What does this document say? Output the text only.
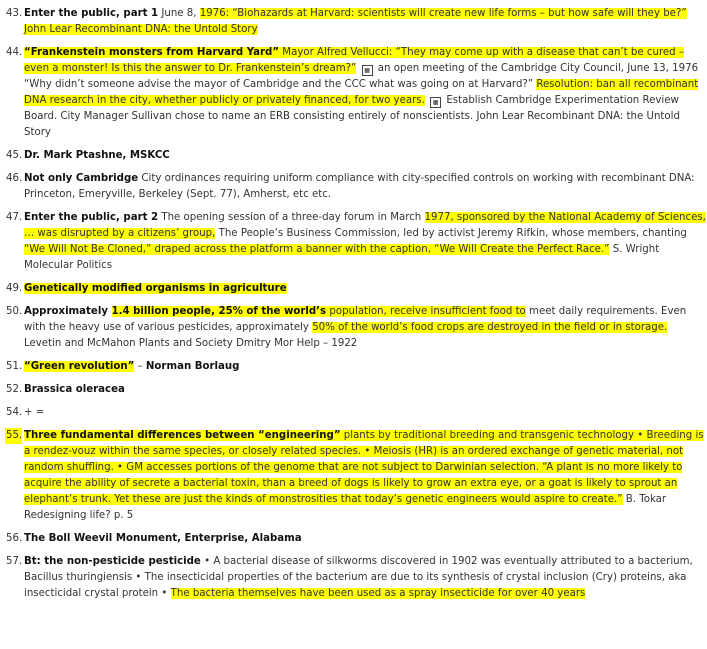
43. Enter the public, part 1 June 8, 1976: “Biohazards at Harvard: scientists will create new life forms – but how safe will they be?” John Lear Recombinant DNA: the Untold Story
44. “Frankenstein monsters from Harvard Yard” Mayor Alfred Vellucci: “They may come up with a disease that can’t be cured – even a monster! Is this the answer to Dr. Frankenstein’s dream?” ▦ an open meeting of the Cambridge City Council, June 13, 1976 “Why didn’t someone advise the mayor of Cambridge and the CCC what was going on at Harvard?” Resolution: ban all recombinant DNA research in the city, whether publicly or privately financed, for two years. ▦ Establish Cambridge Experimentation Review Board. City Manager Sullivan chose to name an ERB consisting entirely of nonscientists. John Lear Recombinant DNA: the Untold Story
45. Dr. Mark Ptashne, MSKCC
46. Not only Cambridge City ordinances requiring uniform compliance with city-specified controls on working with recombinant DNA: Princeton, Emeryville, Berkeley (Sept. 77), Amherst, etc etc.
47. Enter the public, part 2 The opening session of a three-day forum in March 1977, sponsored by the National Academy of Sciences, … was disrupted by a citizens’ group, The People’s Business Commission, led by activist Jeremy Rifkin, whose members, chanting “We Will Not Be Cloned,” draped across the platform a banner with the caption, “We Will Create the Perfect Race.” S. Wright Molecular Politics
49. Genetically modified organisms in agriculture
50. Approximately 1.4 billion people, 25% of the world’s population, receive insufficient food to meet daily requirements. Even with the heavy use of various pesticides, approximately 50% of the world’s food crops are destroyed in the field or in storage. Levetin and McMahon Plants and Society Dmitry Mor Help – 1922
51. “Green revolution” – Norman Borlaug
52. Brassica oleracea
54. + =
55. Three fundamental differences between “engineering” plants by traditional breeding and transgenic technology • Breeding is a rendez-vouz within the same species, or closely related species. • Meiosis (HR) is an ordered exchange of genetic material, not random shuffling. • GM accesses portions of the genome that are not subject to Darwinian selection. “A plant is no more likely to acquire the ability of secrete a bacterial toxin, than a breed of dogs is likely to grow an extra eye, or a goat is likely to sprout an elephant’s trunk. Yet these are just the kinds of monstrosities that today’s genetic engineers would aspire to create.” B. Tokar Redesigning life? p. 5
56. The Boll Weevil Monument, Enterprise, Alabama
57. Bt: the non-pesticide pesticide • A bacterial disease of silkworms discovered in 1902 was eventually attributed to a bacterium, Bacillus thuringiensis • The insecticidal properties of the bacterium are due to its synthesis of crystal inclusion (Cry) proteins, aka insecticidal crystal protein • The bacteria themselves have been used as a spray insecticide for over 40 years
